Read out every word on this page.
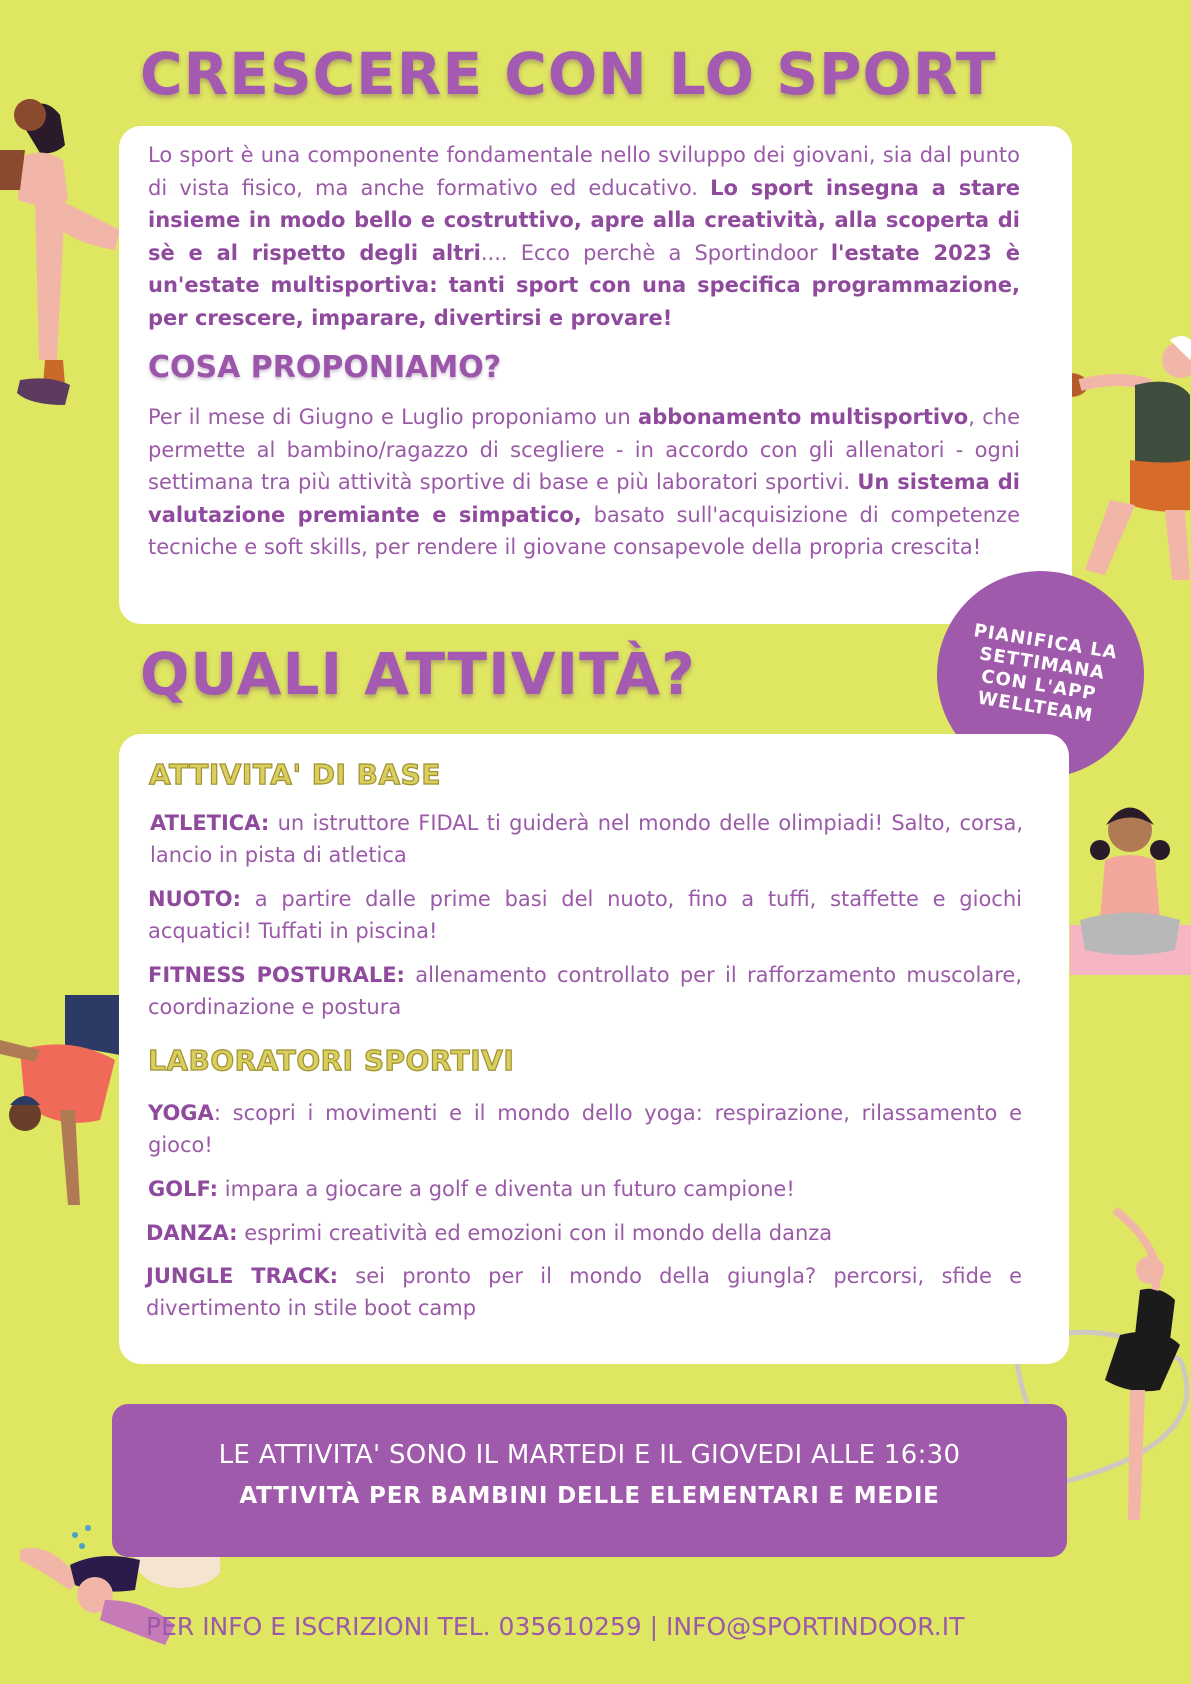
CRESCERE CON LO SPORT

Lo sport è una componente fondamentale nello sviluppo dei giovani, sia dal punto di vista fisico, ma anche formativo ed educativo. Lo sport insegna a stare insieme in modo bello e costruttivo, apre alla creatività, alla scoperta di sè e al rispetto degli altri.... Ecco perchè a Sportindoor l'estate 2023 è un'estate multisportiva: tanti sport con una specifica programmazione, per crescere, imparare, divertirsi e provare!

COSA PROPONIAMO?

Per il mese di Giugno e Luglio proponiamo un abbonamento multisportivo, che permette al bambino/ragazzo di scegliere - in accordo con gli allenatori - ogni settimana tra più attività sportive di base e più laboratori sportivi. Un sistema di valutazione premiante e simpatico, basato sull'acquisizione di competenze tecniche e soft skills, per rendere il giovane consapevole della propria crescita!

QUALI ATTIVITÀ?	PIANIFICA LA SETTIMANA CON L'APP WELLTEAM

ATTIVITA' DI BASE

ATLETICA: un istruttore FIDAL ti guiderà nel mondo delle olimpiadi! Salto, corsa, lancio in pista di atletica

NUOTO: a partire dalle prime basi del nuoto, fino a tuffi, staffette e giochi acquatici! Tuffati in piscina!

FITNESS POSTURALE: allenamento controllato per il rafforzamento muscolare, coordinazione e postura

LABORATORI SPORTIVI

YOGA: scopri i movimenti e il mondo dello yoga: respirazione, rilassamento e gioco!

GOLF: impara a giocare a golf e diventa un futuro campione!

DANZA: esprimi creatività ed emozioni con il mondo della danza

JUNGLE TRACK: sei pronto per il mondo della giungla? percorsi, sfide e divertimento in stile boot camp

LE ATTIVITA' SONO IL MARTEDI E IL GIOVEDI ALLE 16:30

ATTIVITÀ PER BAMBINI DELLE ELEMENTARI E MEDIE

PER INFO E ISCRIZIONI TEL. 035610259 | INFO@SPORTINDOOR.IT
